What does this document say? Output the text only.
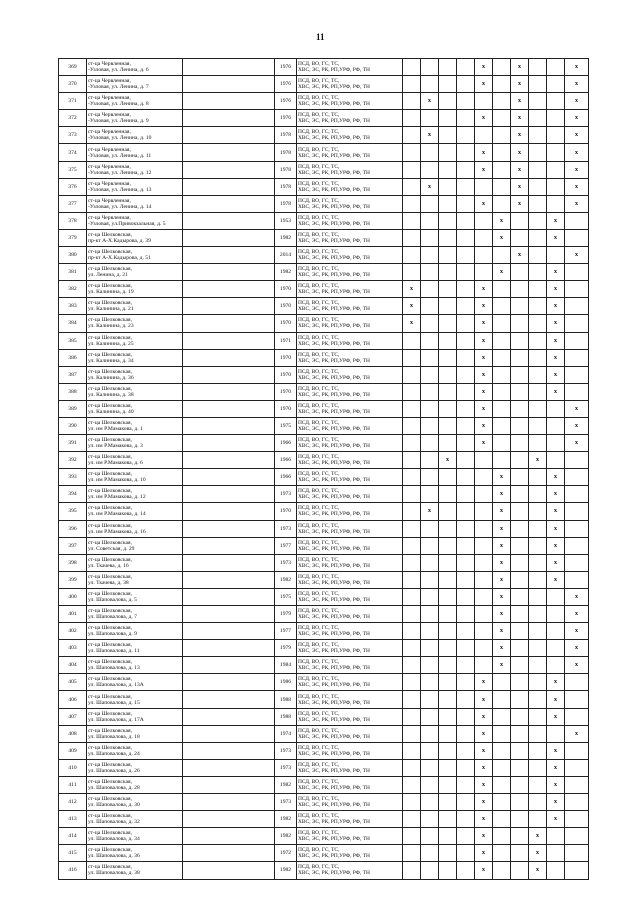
11
369	ст-ца Червленная,
-Узловая, ул. Ленина, д. 6		1976	ПСД, ВО, ГС, ТС,
ХВС, ЭС, РК, РП,УРФ, РФ, ТН					x		x			x
370	ст-ца Червленная,
-Узловая, ул. Ленина, д. 7		1976	ПСД, ВО, ГС, ТС,
ХВС, ЭС, РК, РП,УРФ, РФ, ТН					x		x			x
371	ст-ца Червленная,
-Узловая, ул. Ленина, д. 8		1976	ПСД, ВО, ГС, ТС,
ХВС, ЭС, РК, РП,УРФ, РФ, ТН		x					x			x
372	ст-ца Червленная,
-Узловая, ул. Ленина, д. 9		1976	ПСД, ВО, ГС, ТС,
ХВС, ЭС, РК, РП,УРФ, РФ, ТН					x		x			x
373	ст-ца Червленная,
-Узловая, ул. Ленина, д. 10		1978	ПСД, ВО, ГС, ТС,
ХВС, ЭС, РК, РП,УРФ, РФ, ТН		x					x			x
374	ст-ца Червленная,
-Узловая, ул. Ленина, д. 11		1978	ПСД, ВО, ГС, ТС,
ХВС, ЭС, РК, РП,УРФ, РФ, ТН					x		x			x
375	ст-ца Червленная,
-Узловая, ул. Ленина, д. 12		1978	ПСД, ВО, ГС, ТС,
ХВС, ЭС, РК, РП,УРФ, РФ, ТН					x		x			x
376	ст-ца Червленная,
-Узловая, ул. Ленина, д. 13		1978	ПСД, ВО, ГС, ТС,
ХВС, ЭС, РК, РП,УРФ, РФ, ТН		x					x			x
377	ст-ца Червленная,
-Узловая, ул. Ленина, д. 14		1978	ПСД, ВО, ГС, ТС,
ХВС, ЭС, РК, РП,УРФ, РФ, ТН					x		x			x
378	ст-ца Червленная,
-Узловая, ул.Привокзальная, д. 5		1953	ПСД, ВО, ГС, ТС,
ХВС, ЭС, РК, РП,УРФ, РФ, ТН						x			x	
379	ст-ца Шелковская,
пр-кт А-Х.Кадырова, д. 39		1982	ПСД, ВО, ГС, ТС,
ХВС, ЭС, РК, РП,УРФ, РФ, ТН						x			x	
380	ст-ца Шелковская,
пр-кт А-Х.Кадырова, д. 51		2014	ПСД, ВО, ГС, ТС,
ХВС, ЭС, РК, РП,УРФ, РФ, ТН							x			x
381	ст-ца Шелковская,
ул. Ленина, д. 21		1982	ПСД, ВО, ГС, ТС,
ХВС, ЭС, РК, РП,УРФ, РФ, ТН						x			x	
382	ст-ца Шелковская,
ул. Калинина, д. 19		1970	ПСД, ВО, ГС, ТС,
ХВС, ЭС, РК, РП,УРФ, РФ, ТН	x				x				x	
383	ст-ца Шелковская,
ул. Калинина, д. 21		1970	ПСД, ВО, ГС, ТС,
ХВС, ЭС, РК, РП,УРФ, РФ, ТН	x				x				x	
384	ст-ца Шелковская,
ул. Калинина, д. 23		1970	ПСД, ВО, ГС, ТС,
ХВС, ЭС, РК, РП,УРФ, РФ, ТН	x				x				x	
385	ст-ца Шелковская,
ул. Калинина, д. 25		1971	ПСД, ВО, ГС, ТС,
ХВС, ЭС, РК, РП,УРФ, РФ, ТН					x				x	
386	ст-ца Шелковская,
ул. Калинина, д. 34		1970	ПСД, ВО, ГС, ТС,
ХВС, ЭС, РК, РП,УРФ, РФ, ТН					x				x	
387	ст-ца Шелковская,
ул. Калинина, д. 36		1970	ПСД, ВО, ГС, ТС,
ХВС, ЭС, РК, РП,УРФ, РФ, ТН					x				x	
388	ст-ца Шелковская,
ул. Калинина, д. 38		1970	ПСД, ВО, ГС, ТС,
ХВС, ЭС, РК, РП,УРФ, РФ, ТН					x				x	
389	ст-ца Шелковская,
ул. Калинина, д. 40		1970	ПСД, ВО, ГС, ТС,
ХВС, ЭС, РК, РП,УРФ, РФ, ТН					x					x
390	ст-ца Шелковская,
ул. им Р.Мамакова, д. 1		1975	ПСД, ВО, ГС, ТС,
ХВС, ЭС, РК, РП,УРФ, РФ, ТН					x					x
391	ст-ца Шелковская,
ул. им Р.Мамакова, д. 3		1966	ПСД, ВО, ГС, ТС,
ХВС, ЭС, РК, РП,УРФ, РФ, ТН					x					x
392	ст-ца Шелковская,
ул. им Р.Мамакова, д. 6		1966	ПСД, ВО, ГС, ТС,
ХВС, ЭС, РК, РП,УРФ, РФ, ТН			x					x		
393	ст-ца Шелковская,
ул. им Р.Мамакова, д. 10		1966	ПСД, ВО, ГС, ТС,
ХВС, ЭС, РК, РП,УРФ, РФ, ТН						x			x	
394	ст-ца Шелковская,
ул. им Р.Мамакова, д. 12		1973	ПСД, ВО, ГС, ТС,
ХВС, ЭС, РК, РП,УРФ, РФ, ТН						x			x	
395	ст-ца Шелковская,
ул. им Р.Мамакова, д. 14		1970	ПСД, ВО, ГС, ТС,
ХВС, ЭС, РК, РП,УРФ, РФ, ТН		x				x			x	
396	ст-ца Шелковская,
ул. им Р.Мамакова, д. 16		1973	ПСД, ВО, ГС, ТС,
ХВС, ЭС, РК, РП,УРФ, РФ, ТН						x			x	
397	ст-ца Шелковская,
ул. Советская, д. 29		1977	ПСД, ВО, ГС, ТС,
ХВС, ЭС, РК, РП,УРФ, РФ, ТН						x			x	
398	ст-ца Шелковская,
ул. Ткачева, д. 16		1973	ПСД, ВО, ГС, ТС,
ХВС, ЭС, РК, РП,УРФ, РФ, ТН						x			x	
399	ст-ца Шелковская,
ул. Ткачева, д. 38		1982	ПСД, ВО, ГС, ТС,
ХВС, ЭС, РК, РП,УРФ, РФ, ТН						x			x	
400	ст-ца Шелковская,
ул. Шаповалова, д. 5		1975	ПСД, ВО, ГС, ТС,
ХВС, ЭС, РК, РП,УРФ, РФ, ТН						x				x
401	ст-ца Шелковская,
ул. Шаповалова, д. 7		1979	ПСД, ВО, ГС, ТС,
ХВС, ЭС, РК, РП,УРФ, РФ, ТН						x				x
402	ст-ца Шелковская,
ул. Шаповалова, д. 9		1977	ПСД, ВО, ГС, ТС,
ХВС, ЭС, РК, РП,УРФ, РФ, ТН						x				x
403	ст-ца Шелковская,
ул. Шаповалова, д. 11		1979	ПСД, ВО, ГС, ТС,
ХВС, ЭС, РК, РП,УРФ, РФ, ТН						x				x
404	ст-ца Шелковская,
ул. Шаповалова, д. 13		1984	ПСД, ВО, ГС, ТС,
ХВС, ЭС, РК, РП,УРФ, РФ, ТН						x				x
405	ст-ца Шелковская,
ул. Шаповалова, д. 13А		1986	ПСД, ВО, ГС, ТС,
ХВС, ЭС, РК, РП,УРФ, РФ, ТН					x				x	
406	ст-ца Шелковская,
ул. Шаповалова, д. 15		1988	ПСД, ВО, ГС, ТС,
ХВС, ЭС, РК, РП,УРФ, РФ, ТН					x				x	
407	ст-ца Шелковская,
ул. Шаповалова, д. 17А		1988	ПСД, ВО, ГС, ТС,
ХВС, ЭС, РК, РП,УРФ, РФ, ТН					x				x	
408	ст-ца Шелковская,
ул. Шаповалова, д. 18		1974	ПСД, ВО, ГС, ТС,
ХВС, ЭС, РК, РП,УРФ, РФ, ТН					x					x
409	ст-ца Шелковская,
ул. Шаповалова, д. 24		1973	ПСД, ВО, ГС, ТС,
ХВС, ЭС, РК, РП,УРФ, РФ, ТН					x				x	
410	ст-ца Шелковская,
ул. Шаповалова, д. 26		1973	ПСД, ВО, ГС, ТС,
ХВС, ЭС, РК, РП,УРФ, РФ, ТН					x				x	
411	ст-ца Шелковская,
ул. Шаповалова, д. 28		1982	ПСД, ВО, ГС, ТС,
ХВС, ЭС, РК, РП,УРФ, РФ, ТН					x				x	
412	ст-ца Шелковская,
ул. Шаповалова, д. 30		1973	ПСД, ВО, ГС, ТС,
ХВС, ЭС, РК, РП,УРФ, РФ, ТН					x				x	
413	ст-ца Шелковская,
ул. Шаповалова, д. 32		1982	ПСД, ВО, ГС, ТС,
ХВС, ЭС, РК, РП,УРФ, РФ, ТН					x				x	
414	ст-ца Шелковская,
ул. Шаповалова, д. 34		1982	ПСД, ВО, ГС, ТС,
ХВС, ЭС, РК, РП,УРФ, РФ, ТН					x			x		
415	ст-ца Шелковская,
ул. Шаповалова, д. 36		1972	ПСД, ВО, ГС, ТС,
ХВС, ЭС, РК, РП,УРФ, РФ, ТН					x			x		
416	ст-ца Шелковская,
ул. Шаповалова, д. 38		1982	ПСД, ВО, ГС, ТС,
ХВС, ЭС, РК, РП,УРФ, РФ, ТН					x			x		
